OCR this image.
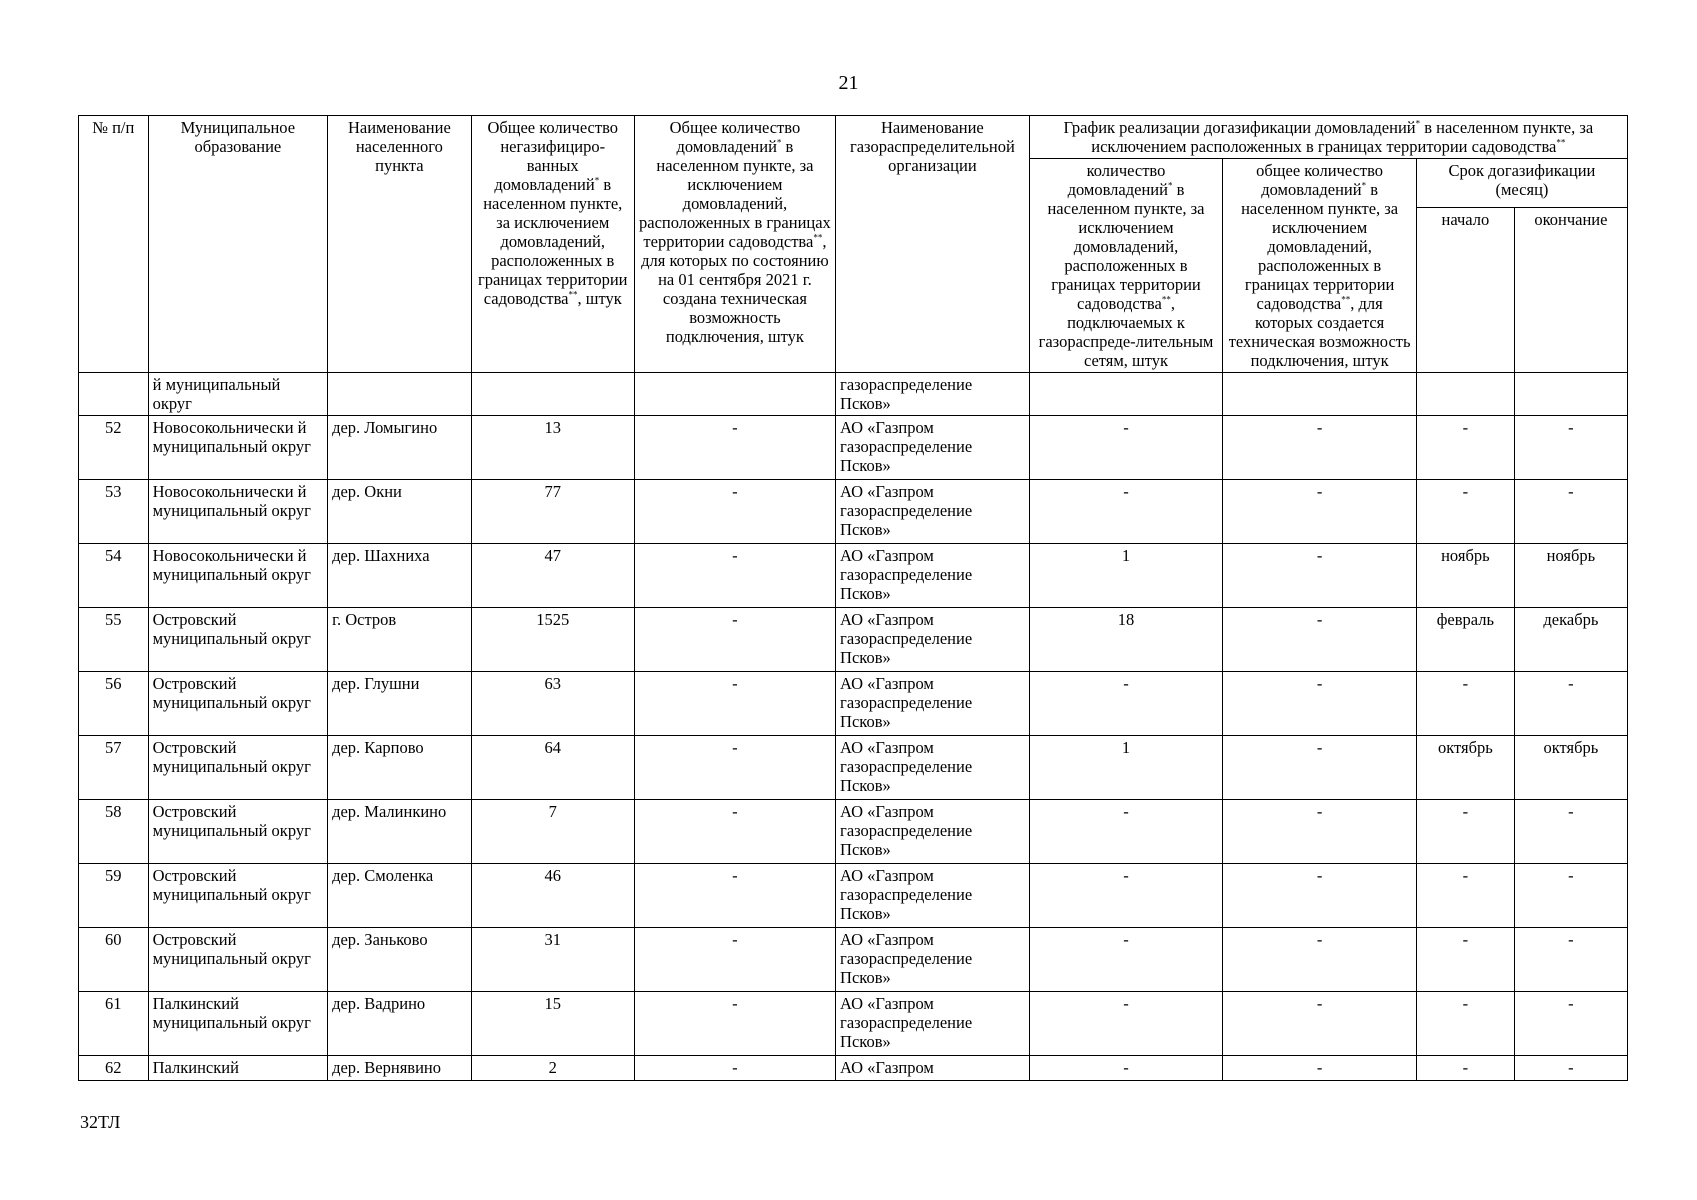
21
№ п/п	Муниципальное образование	Наименование населенного пункта	Общее количество негазифициро-ванных домовладений* в населенном пункте, за исключением домовладений, расположенных в границах территории садоводства**, штук	Общее количество домовладений* в населенном пункте, за исключением домовладений, расположенных в границах территории садоводства**, для которых по состоянию на 01 сентября 2021 г. создана техническая возможность подключения, штук	Наименование газораспределительной организации	График реализации догазификации домовладений* в населенном пункте, за исключением расположенных в границах территории садоводства**
						количество домовладений* в населенном пункте, за исключением домовладений, расположенных в границах территории садоводства**, подключаемых к газораспреде-лительным сетям, штук	общее количество домовладений* в населенном пункте, за исключением домовладений, расположенных в границах территории садоводства**, для которых создается техническая возможность подключения, штук	Срок догазификации (месяц)	
								начало	окончание
	й муниципальный округ				газораспределение Псков»				
52	Новосокольнически й муниципальный округ	дер. Ломыгино	13	-	АО «Газпром газораспределение Псков»	-	-	-	-
53	Новосокольнически й муниципальный округ	дер. Окни	77	-	АО «Газпром газораспределение Псков»	-	-	-	-
54	Новосокольнически й муниципальный округ	дер. Шахниха	47	-	АО «Газпром газораспределение Псков»	1	-	ноябрь	ноябрь
55	Островский муниципальный округ	г. Остров	1525	-	АО «Газпром газораспределение Псков»	18	-	февраль	декабрь
56	Островский муниципальный округ	дер. Глушни	63	-	АО «Газпром газораспределение Псков»	-	-	-	-
57	Островский муниципальный округ	дер. Карпово	64	-	АО «Газпром газораспределение Псков»	1	-	октябрь	октябрь
58	Островский муниципальный округ	дер. Малинкино	7	-	АО «Газпром газораспределение Псков»	-	-	-	-
59	Островский муниципальный округ	дер. Смоленка	46	-	АО «Газпром газораспределение Псков»	-	-	-	-
60	Островский муниципальный округ	дер. Заньково	31	-	АО «Газпром газораспределение Псков»	-	-	-	-
61	Палкинский муниципальный округ	дер. Вадрино	15	-	АО «Газпром газораспределение Псков»	-	-	-	-
62	Палкинский	дер. Вернявино	2	-	АО «Газпром	-	-	-	-
32ТЛ
